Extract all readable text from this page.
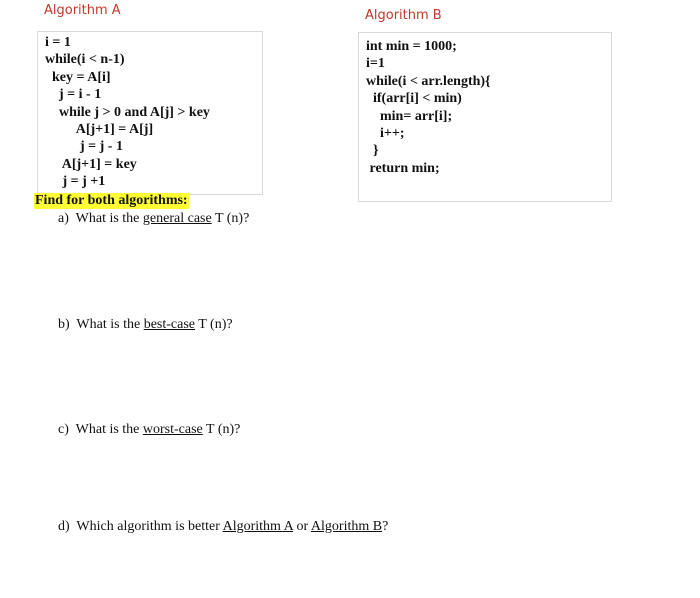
Algorithm A	Algorithm B
i = 1
while(i < n-1)
key = A[i]
j = i - 1
while j > 0 and A[j] > key
A[j+1] = A[j]
j = j - 1
A[j+1] = key
j = j +1
int min = 1000;
i=1
while(i < arr.length){
if(arr[i] < min)
min= arr[i];
i++;
}
return min;
Find for both algorithms:
a) What is the general case T (n)?
b) What is the best-case T (n)?
c) What is the worst-case T (n)?
d) Which algorithm is better Algorithm A or Algorithm B?
